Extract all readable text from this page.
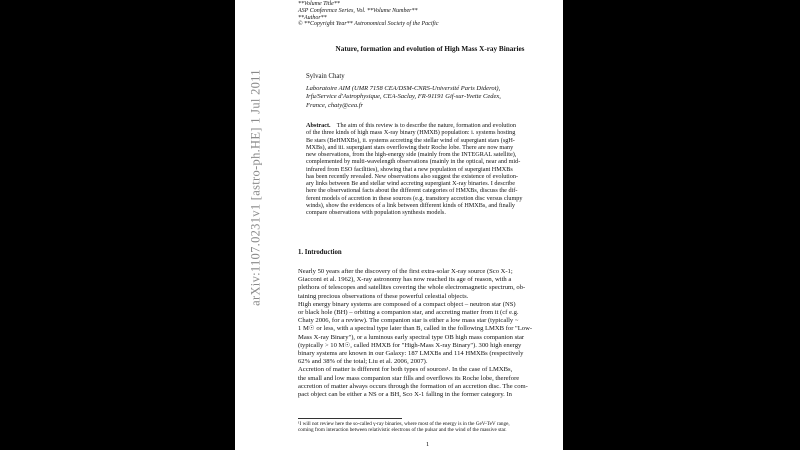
arXiv:1107.0231v1 [astro-ph.HE] 1 Jul 2011
**Volume Title**
ASP Conference Series, Vol. **Volume Number**
**Author**
© **Copyright Year** Astronomical Society of the Pacific
Nature, formation and evolution of High Mass X-ray Binaries
Sylvain Chaty
Laboratoire AIM (UMR 7158 CEA/DSM-CNRS-Université Paris Diderot),
Irfu/Service d'Astrophysique, CEA-Saclay, FR-91191 Gif-sur-Yvette Cedex,
France, chaty@cea.fr
Abstract. The aim of this review is to describe the nature, formation and evolution
of the three kinds of high mass X-ray binary (HMXB) population: i. systems hosting
Be stars (BeHMXBs), ii. systems accreting the stellar wind of supergiant stars (sgH-
MXBs), and iii. supergiant stars overflowing their Roche lobe. There are now many
new observations, from the high-energy side (mainly from the INTEGRAL satellite),
complemented by multi-wavelength observations (mainly in the optical, near and mid-
infrared from ESO facilities), showing that a new population of supergiant HMXBs
has been recently revealed. New observations also suggest the existence of evolution-
ary links between Be and stellar wind accreting supergiant X-ray binaries. I describe
here the observational facts about the different categories of HMXBs, discuss the dif-
ferent models of accretion in these sources (e.g. transitory accretion disc versus clumpy
winds), show the evidences of a link between different kinds of HMXBs, and finally
compare observations with population synthesis models.
1. Introduction
Nearly 50 years after the discovery of the first extra-solar X-ray source (Sco X-1;
Giacconi et al. 1962), X-ray astronomy has now reached its age of reason, with a
plethora of telescopes and satellites covering the whole electromagnetic spectrum, ob-
taining precious observations of these powerful celestial objects.
High energy binary systems are composed of a compact object – neutron star (NS)
or black hole (BH) – orbiting a companion star, and accreting matter from it (cf e.g.
Chaty 2006, for a review). The companion star is either a low mass star (typically ~
1 M☉ or less, with a spectral type later than B, called in the following LMXB for "Low-
Mass X-ray Binary"), or a luminous early spectral type OB high mass companion star
(typically > 10 M☉, called HMXB for "High-Mass X-ray Binary"). 300 high energy
binary systems are known in our Galaxy: 187 LMXBs and 114 HMXBs (respectively
62% and 38% of the total; Liu et al. 2006, 2007).
Accretion of matter is different for both types of sources¹. In the case of LMXBs,
the small and low mass companion star fills and overflows its Roche lobe, therefore
accretion of matter always occurs through the formation of an accretion disc. The com-
pact object can be either a NS or a BH, Sco X-1 falling in the former category. In
¹I will not review here the so-called γ-ray binaries, where most of the energy is in the GeV-TeV range,
coming from interaction between relativistic electrons of the pulsar and the wind of the massive star.
1
